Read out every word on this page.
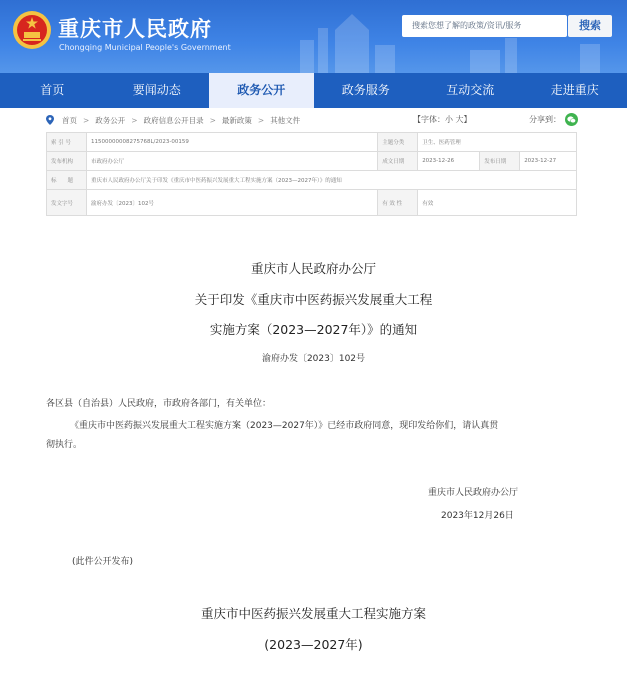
重庆市人民政府
Chongqing Municipal People's Government
搜索您想了解的政策/资讯/服务	搜索
首页	要闻动态	政务公开	政务服务	互动交流	走进重庆
首页 > 政务公开 > 政府信息公开目录 > 最新政策 > 其他文件	【字体：小 大】	分享到：
索 引 号	11500000008275768L/2023-00159	主题分类	卫生、医药管理		
发布机构	市政府办公厅	成文日期	2023-12-26	发布日期	2023-12-27
标　　题	重庆市人民政府办公厅关于印发《重庆市中医药振兴发展重大工程实施方案（2023—2027年）》的通知				
发文字号	渝府办发〔2023〕102号	有 效 性	有效		
重庆市人民政府办公厅
关于印发《重庆市中医药振兴发展重大工程
实施方案（2023—2027年）》的通知
渝府办发〔2023〕102号
各区县（自治县）人民政府，市政府各部门，有关单位：
《重庆市中医药振兴发展重大工程实施方案（2023—2027年）》已经市政府同意，现印发给你们，请认真贯
彻执行。
重庆市人民政府办公厅
2023年12月26日
(此件公开发布)
重庆市中医药振兴发展重大工程实施方案
(2023—2027年)
